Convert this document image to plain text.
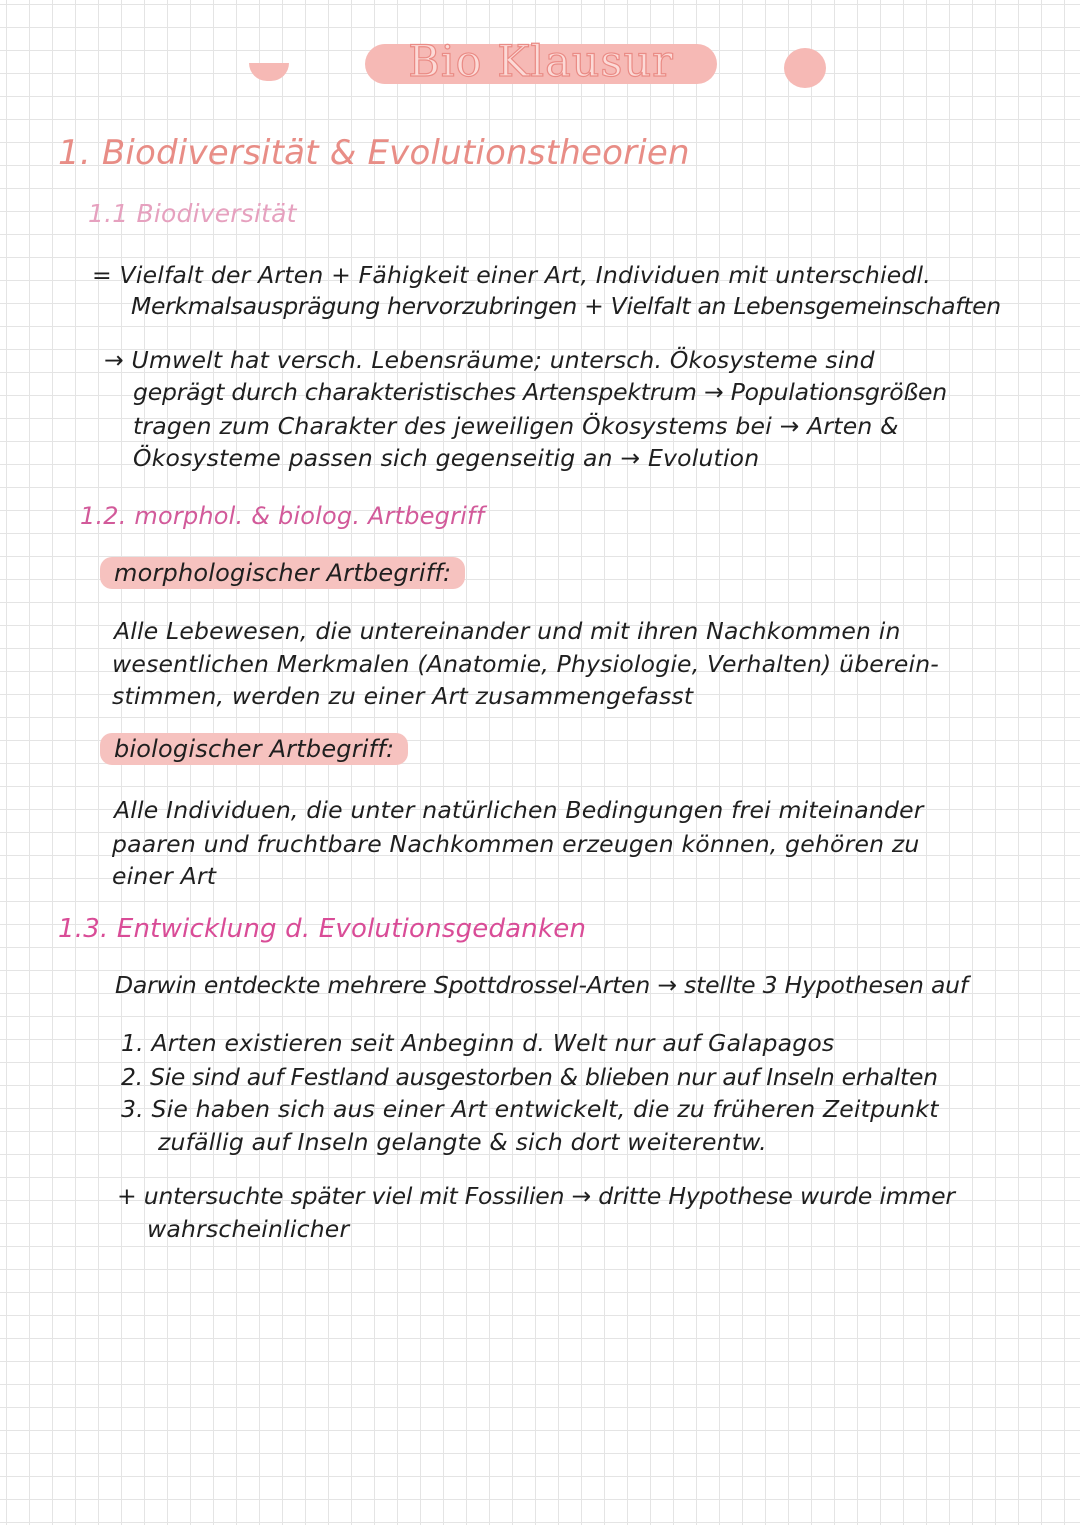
Bio Klausur
1. Biodiversität & Evolutionstheorien
1.1 Biodiversität
= Vielfalt der Arten + Fähigkeit einer Art, Individuen mit unterschiedl.
Merkmalsausprägung hervorzubringen + Vielfalt an Lebensgemeinschaften
→ Umwelt hat versch. Lebensräume; untersch. Ökosysteme sind
geprägt durch charakteristisches Artenspektrum → Populationsgrößen
tragen zum Charakter des jeweiligen Ökosystems bei → Arten &
Ökosysteme passen sich gegenseitig an → Evolution
1.2. morphol. & biolog. Artbegriff
morphologischer Artbegriff:
Alle Lebewesen, die untereinander und mit ihren Nachkommen in
wesentlichen Merkmalen (Anatomie, Physiologie, Verhalten) überein-
stimmen, werden zu einer Art zusammengefasst
biologischer Artbegriff:
Alle Individuen, die unter natürlichen Bedingungen frei miteinander
paaren und fruchtbare Nachkommen erzeugen können, gehören zu
einer Art
1.3. Entwicklung d. Evolutionsgedanken
Darwin entdeckte mehrere Spottdrossel-Arten → stellte 3 Hypothesen auf
1. Arten existieren seit Anbeginn d. Welt nur auf Galapagos
2. Sie sind auf Festland ausgestorben & blieben nur auf Inseln erhalten
3. Sie haben sich aus einer Art entwickelt, die zu früheren Zeitpunkt
zufällig auf Inseln gelangte & sich dort weiterentw.
+ untersuchte später viel mit Fossilien → dritte Hypothese wurde immer
wahrscheinlicher
